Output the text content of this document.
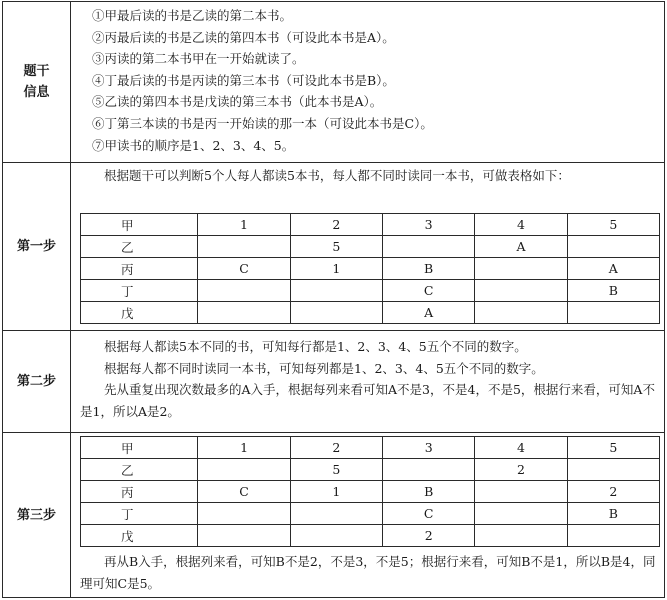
题干
信息
①甲最后读的书是乙读的第二本书。
②丙最后读的书是乙读的第四本书（可设此本书是A）。
③丙读的第二本书甲在一开始就读了。
④丁最后读的书是丙读的第三本书（可设此本书是B）。
⑤乙读的第四本书是戊读的第三本书（此本书是A）。
⑥丁第三本读的书是丙一开始读的那一本（可设此本书是C）。
⑦甲读书的顺序是1、2、3、4、5。
第一步
根据题干可以判断5个人每人都读5本书，每人都不同时读同一本书，可做表格如下：
甲	1	2	3	4	5
乙		5		A	
丙	C	1	B		A
丁			C		B
戊			A		
第二步
根据每人都读5本不同的书，可知每行都是1、2、3、4、5五个不同的数字。
根据每人都不同时读同一本书，可知每列都是1、2、3、4、5五个不同的数字。
先从重复出现次数最多的A入手，根据每列来看可知A不是3，不是4，不是5，根据行来看，可知A不是1，所以A是2。
第三步
甲	1	2	3	4	5
乙		5		2	
丙	C	1	B		2
丁			C		B
戊			2		
再从B入手，根据列来看，可知B不是2，不是3，不是5；根据行来看，可知B不是1，所以B是4，同理可知C是5。
